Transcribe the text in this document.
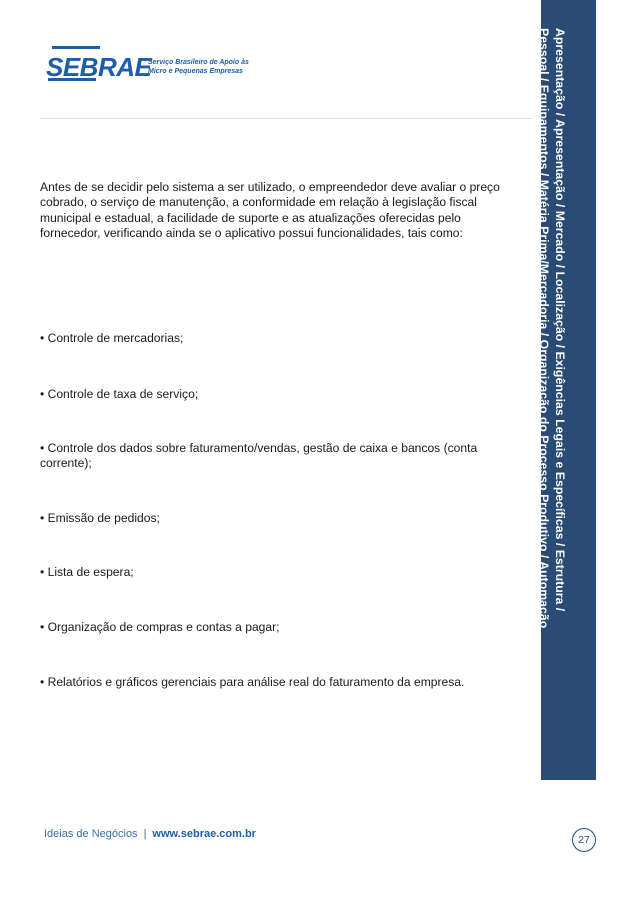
SEBRAE
Serviço Brasileiro de Apoio às
Micro e Pequenas Empresas

Antes de se decidir pelo sistema a ser utilizado, o empreendedor deve avaliar o preço cobrado, o serviço de manutenção, a conformidade em relação à legislação fiscal municipal e estadual, a facilidade de suporte e as atualizações oferecidas pelo fornecedor, verificando ainda se o aplicativo possui funcionalidades, tais como:

• Controle de mercadorias;

• Controle de taxa de serviço;

• Controle dos dados sobre faturamento/vendas, gestão de caixa e bancos (conta corrente);

• Emissão de pedidos;

• Lista de espera;

• Organização de compras e contas a pagar;

• Relatórios e gráficos gerenciais para análise real do faturamento da empresa.

Apresentação / Apresentação / Mercado / Localização / Exigências Legais e Específicas / Estrutura /
Pessoal / Equipamentos / Matéria Prima/Mercadoria / Organização do Processo Produtivo / Automação
Ideias de Negócios | www.sebrae.com.br	27
